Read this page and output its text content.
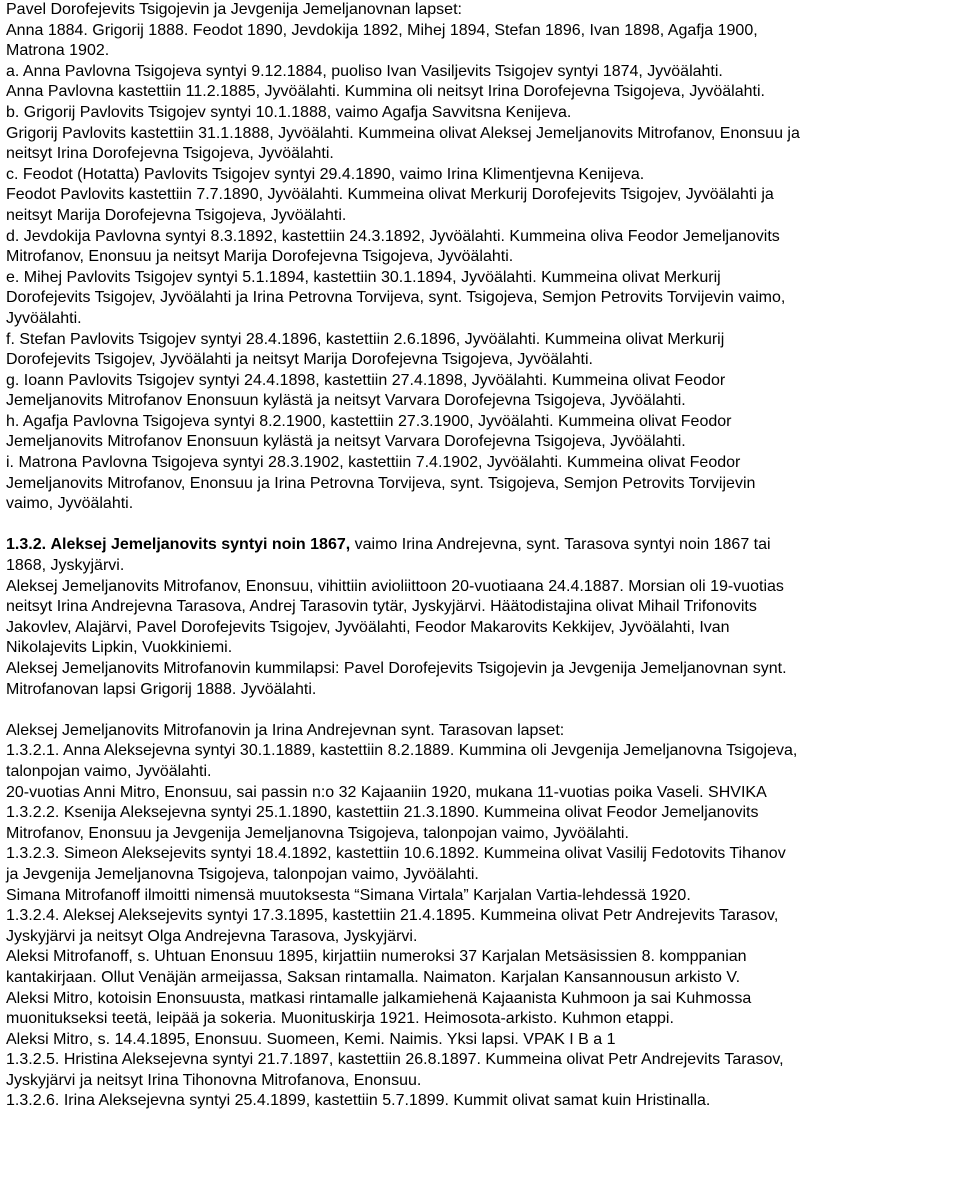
Pavel Dorofejevits Tsigojevin ja Jevgenija Jemeljanovnan lapset:
Anna 1884. Grigorij 1888. Feodot 1890, Jevdokija 1892, Mihej 1894, Stefan 1896, Ivan 1898, Agafja 1900,
Matrona 1902.
a. Anna Pavlovna Tsigojeva syntyi 9.12.1884, puoliso Ivan Vasiljevits Tsigojev syntyi 1874, Jyvöälahti.
Anna Pavlovna kastettiin 11.2.1885, Jyvöälahti. Kummina oli neitsyt Irina Dorofejevna Tsigojeva, Jyvöälahti.
b. Grigorij Pavlovits Tsigojev syntyi 10.1.1888, vaimo Agafja Savvitsna Kenijeva.
Grigorij Pavlovits kastettiin 31.1.1888, Jyvöälahti. Kummeina olivat Aleksej Jemeljanovits Mitrofanov, Enonsuu ja
neitsyt Irina Dorofejevna Tsigojeva, Jyvöälahti.
c. Feodot (Hotatta) Pavlovits Tsigojev syntyi 29.4.1890, vaimo Irina Klimentjevna Kenijeva.
Feodot Pavlovits kastettiin 7.7.1890, Jyvöälahti. Kummeina olivat Merkurij Dorofejevits Tsigojev, Jyvöälahti ja
neitsyt Marija Dorofejevna Tsigojeva, Jyvöälahti.
d. Jevdokija Pavlovna syntyi 8.3.1892, kastettiin 24.3.1892, Jyvöälahti. Kummeina oliva Feodor Jemeljanovits
Mitrofanov, Enonsuu ja neitsyt Marija Dorofejevna Tsigojeva, Jyvöälahti.
e. Mihej Pavlovits Tsigojev syntyi 5.1.1894, kastettiin 30.1.1894, Jyvöälahti. Kummeina olivat Merkurij
Dorofejevits Tsigojev, Jyvöälahti ja Irina Petrovna Torvijeva, synt. Tsigojeva, Semjon Petrovits Torvijevin vaimo,
Jyvöälahti.
f. Stefan Pavlovits Tsigojev syntyi 28.4.1896, kastettiin 2.6.1896, Jyvöälahti. Kummeina olivat Merkurij
Dorofejevits Tsigojev, Jyvöälahti ja neitsyt Marija Dorofejevna Tsigojeva, Jyvöälahti.
g. Ioann Pavlovits Tsigojev syntyi 24.4.1898, kastettiin 27.4.1898, Jyvöälahti. Kummeina olivat Feodor
Jemeljanovits Mitrofanov Enonsuun kylästä ja neitsyt Varvara Dorofejevna Tsigojeva, Jyvöälahti.
h. Agafja Pavlovna Tsigojeva syntyi 8.2.1900, kastettiin 27.3.1900, Jyvöälahti. Kummeina olivat Feodor
Jemeljanovits Mitrofanov Enonsuun kylästä ja neitsyt Varvara Dorofejevna Tsigojeva, Jyvöälahti.
i. Matrona Pavlovna Tsigojeva syntyi 28.3.1902, kastettiin 7.4.1902, Jyvöälahti. Kummeina olivat Feodor
Jemeljanovits Mitrofanov, Enonsuu ja Irina Petrovna Torvijeva, synt. Tsigojeva, Semjon Petrovits Torvijevin
vaimo, Jyvöälahti.
1.3.2. Aleksej Jemeljanovits syntyi noin 1867, vaimo Irina Andrejevna, synt. Tarasova syntyi noin 1867 tai
1868, Jyskyjärvi.
Aleksej Jemeljanovits Mitrofanov, Enonsuu, vihittiin avioliittoon 20-vuotiaana 24.4.1887. Morsian oli 19-vuotias
neitsyt Irina Andrejevna Tarasova, Andrej Tarasovin tytär, Jyskyjärvi. Häätodistajina olivat Mihail Trifonovits
Jakovlev, Alajärvi, Pavel Dorofejevits Tsigojev, Jyvöälahti, Feodor Makarovits Kekkijev, Jyvöälahti, Ivan
Nikolajevits Lipkin, Vuokkiniemi.
Aleksej Jemeljanovits Mitrofanovin kummilapsi: Pavel Dorofejevits Tsigojevin ja Jevgenija Jemeljanovnan synt.
Mitrofanovan lapsi Grigorij 1888. Jyvöälahti.
Aleksej Jemeljanovits Mitrofanovin ja Irina Andrejevnan synt. Tarasovan lapset:
1.3.2.1. Anna Aleksejevna syntyi 30.1.1889, kastettiin 8.2.1889. Kummina oli Jevgenija Jemeljanovna Tsigojeva,
talonpojan vaimo, Jyvöälahti.
20-vuotias Anni Mitro, Enonsuu, sai passin n:o 32 Kajaaniin 1920, mukana 11-vuotias poika Vaseli. SHVIKA
1.3.2.2. Ksenija Aleksejevna syntyi 25.1.1890, kastettiin 21.3.1890. Kummeina olivat Feodor Jemeljanovits
Mitrofanov, Enonsuu ja Jevgenija Jemeljanovna Tsigojeva, talonpojan vaimo, Jyvöälahti.
1.3.2.3. Simeon Aleksejevits syntyi 18.4.1892, kastettiin 10.6.1892. Kummeina olivat Vasilij Fedotovits Tihanov
ja Jevgenija Jemeljanovna Tsigojeva, talonpojan vaimo, Jyvöälahti.
Simana Mitrofanoff ilmoitti nimensä muutoksesta “Simana Virtala” Karjalan Vartia-lehdessä 1920.
1.3.2.4. Aleksej Aleksejevits syntyi 17.3.1895, kastettiin 21.4.1895. Kummeina olivat Petr Andrejevits Tarasov,
Jyskyjärvi ja neitsyt Olga Andrejevna Tarasova, Jyskyjärvi.
Aleksi Mitrofanoff, s. Uhtuan Enonsuu 1895, kirjattiin numeroksi 37 Karjalan Metsäsissien 8. komppanian
kantakirjaan. Ollut Venäjän armeijassa, Saksan rintamalla. Naimaton. Karjalan Kansannousun arkisto V.
Aleksi Mitro, kotoisin Enonsuusta, matkasi rintamalle jalkamiehenä Kajaanista Kuhmoon ja sai Kuhmossa
muonitukseksi teetä, leipää ja sokeria. Muonituskirja 1921. Heimosota-arkisto. Kuhmon etappi.
Aleksi Mitro, s. 14.4.1895, Enonsuu. Suomeen, Kemi. Naimis. Yksi lapsi. VPAK I B a 1
1.3.2.5. Hristina Aleksejevna syntyi 21.7.1897, kastettiin 26.8.1897. Kummeina olivat Petr Andrejevits Tarasov,
Jyskyjärvi ja neitsyt Irina Tihonovna Mitrofanova, Enonsuu.
1.3.2.6. Irina Aleksejevna syntyi 25.4.1899, kastettiin 5.7.1899. Kummit olivat samat kuin Hristinalla.
